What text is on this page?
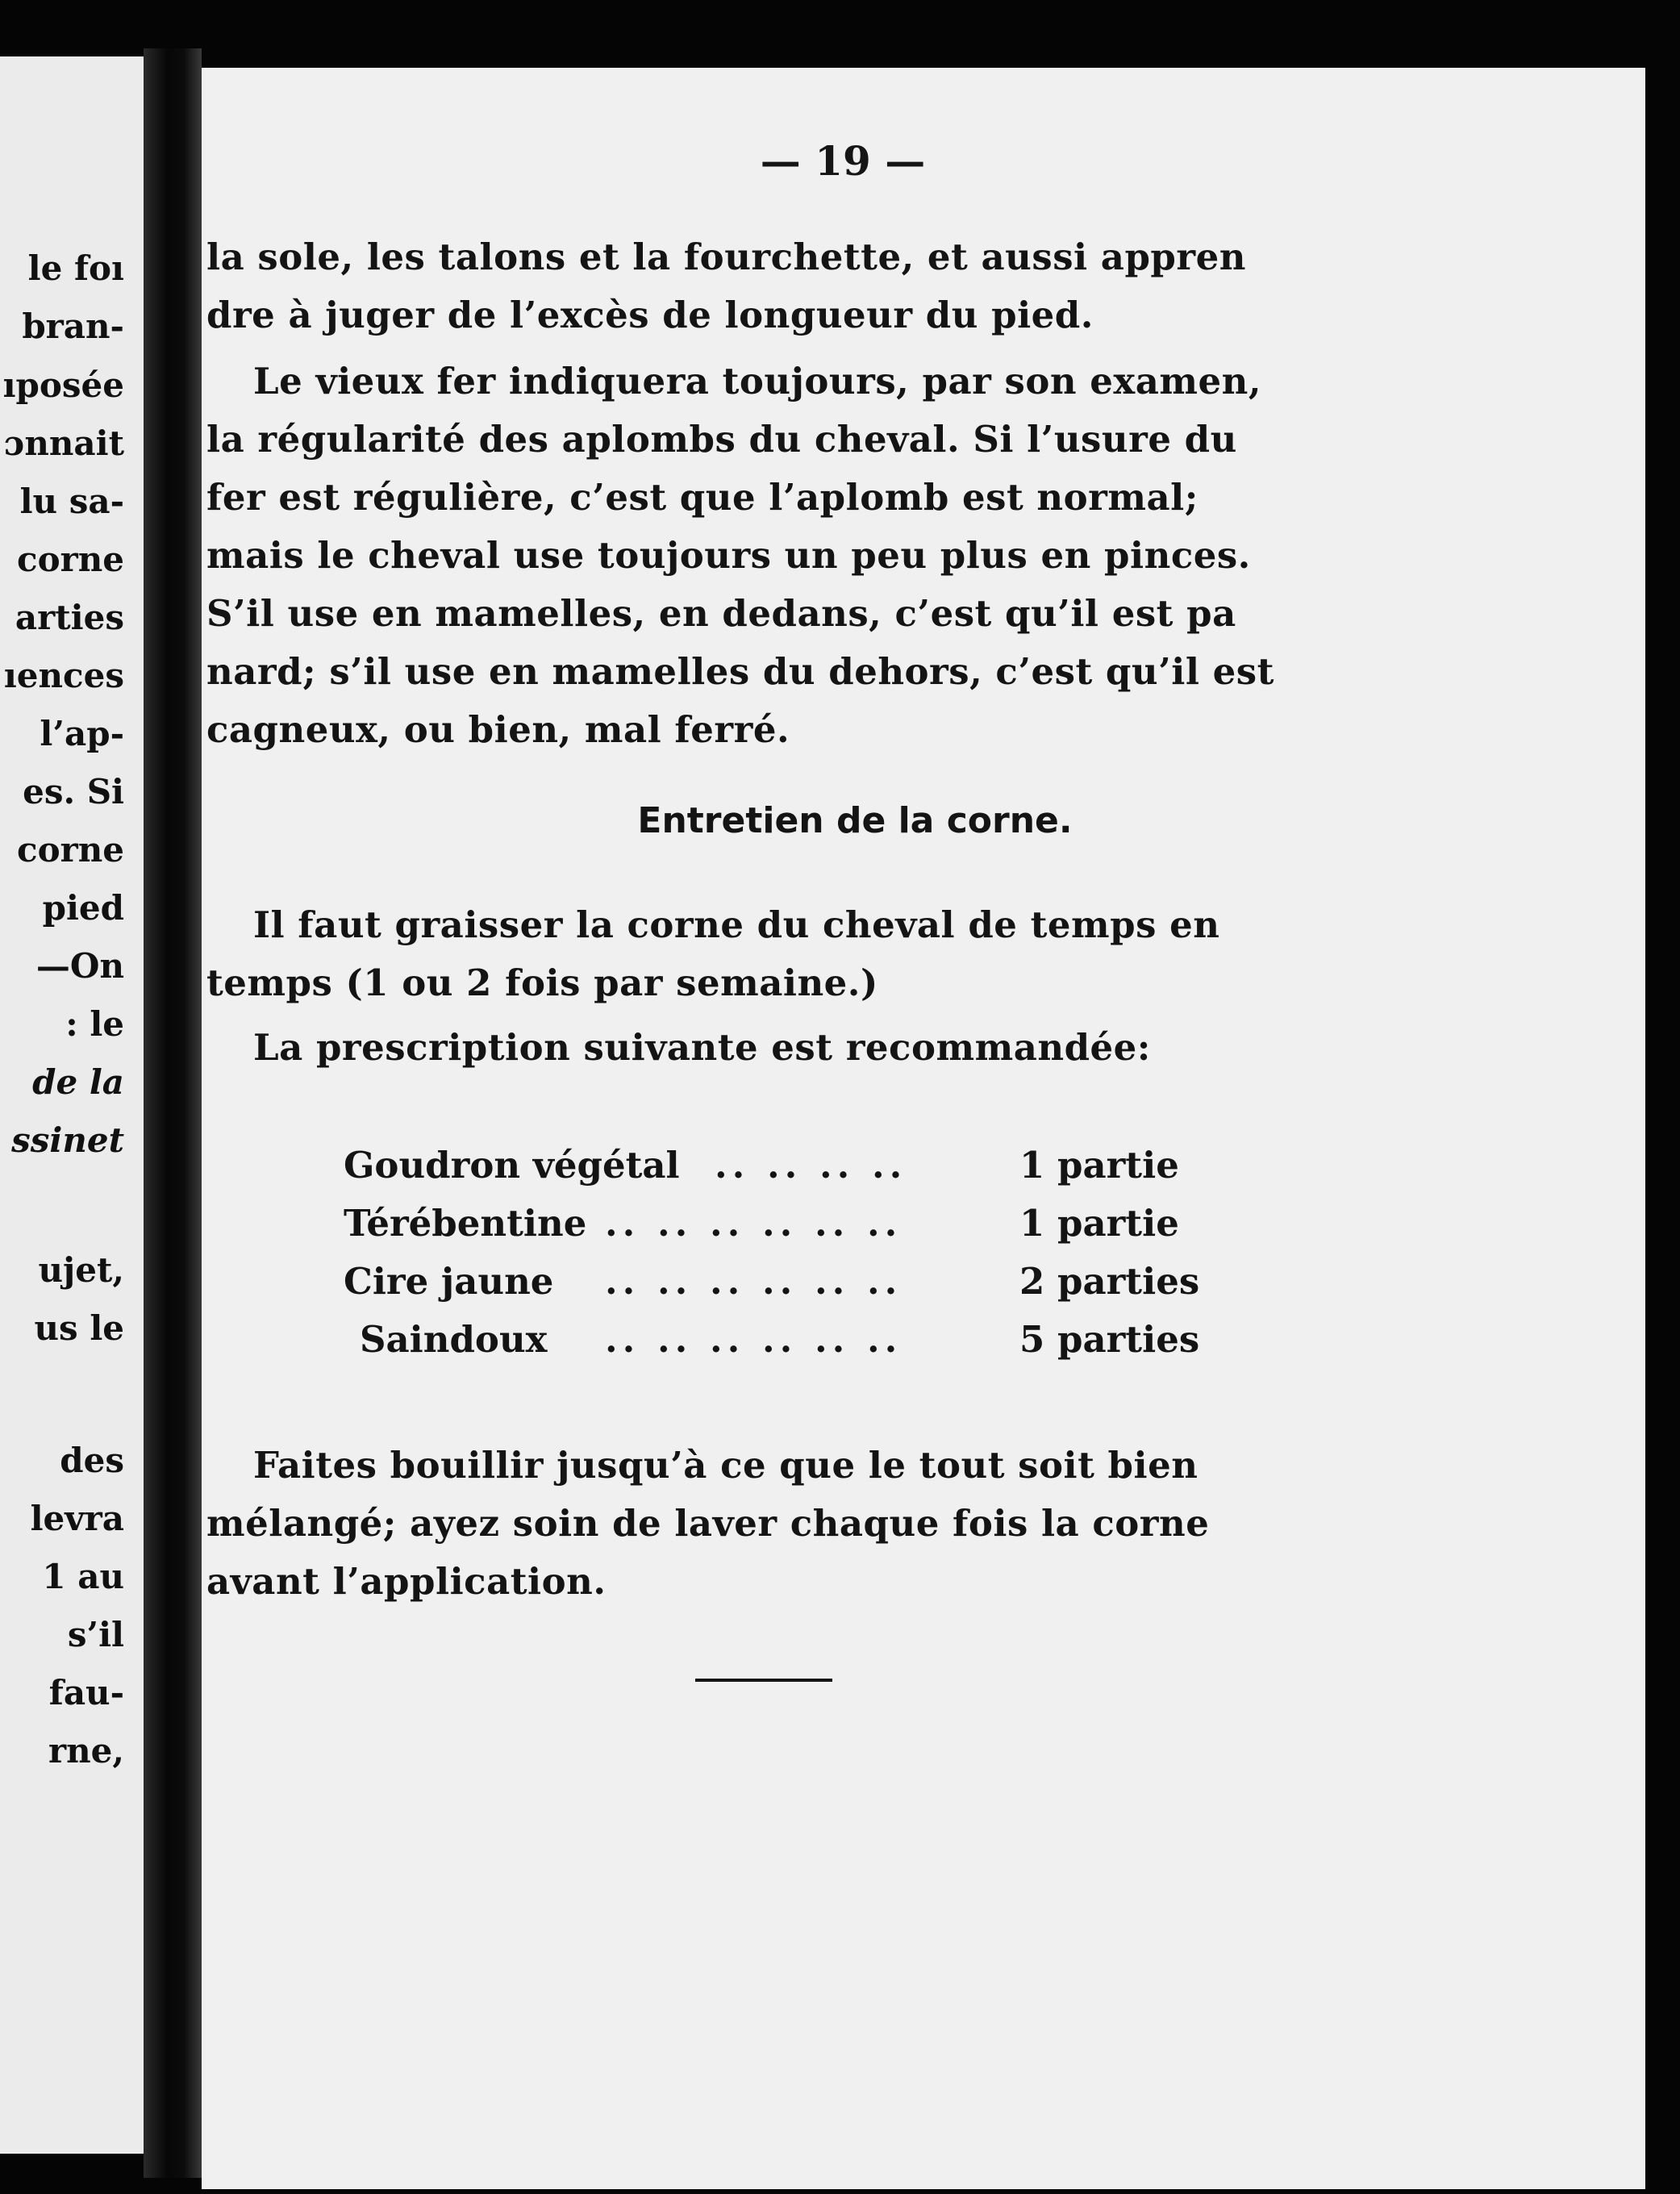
le foı
bran-
ıposée
ɔnnait
lu sa-
corne
arties
ıences
l’ap-
es. Si
corne
pied
—On
: le
de la
ssinet
ujet,
us le
des
levra
1 au
s’il
fau-
rne,
— 19 —
la sole, les talons et la fourchette, et aussi appren
dre à juger de l’excès de longueur du pied.
Le vieux fer indiquera toujours, par son examen,
la régularité des aplombs du cheval. Si l’usure du
fer est régulière, c’est que l’aplomb est normal;
mais le cheval use toujours un peu plus en pinces.
S’il use en mamelles, en dedans, c’est qu’il est pa
nard; s’il use en mamelles du dehors, c’est qu’il est
cagneux, ou bien, mal ferré.
Entretien de la corne.
Il faut graisser la corne du cheval de temps en
temps (1 ou 2 fois par semaine.)
La prescription suivante est recommandée:
Goudron végétal .. .. .. ..	1 partie
Térébentine .. .. .. .. .. ..	1 partie
Cire jaune .. .. .. .. .. ..	2 parties
Saindoux .. .. .. .. .. ..	5 parties
Faites bouillir jusqu’à ce que le tout soit bien
mélangé; ayez soin de laver chaque fois la corne
avant l’application.
